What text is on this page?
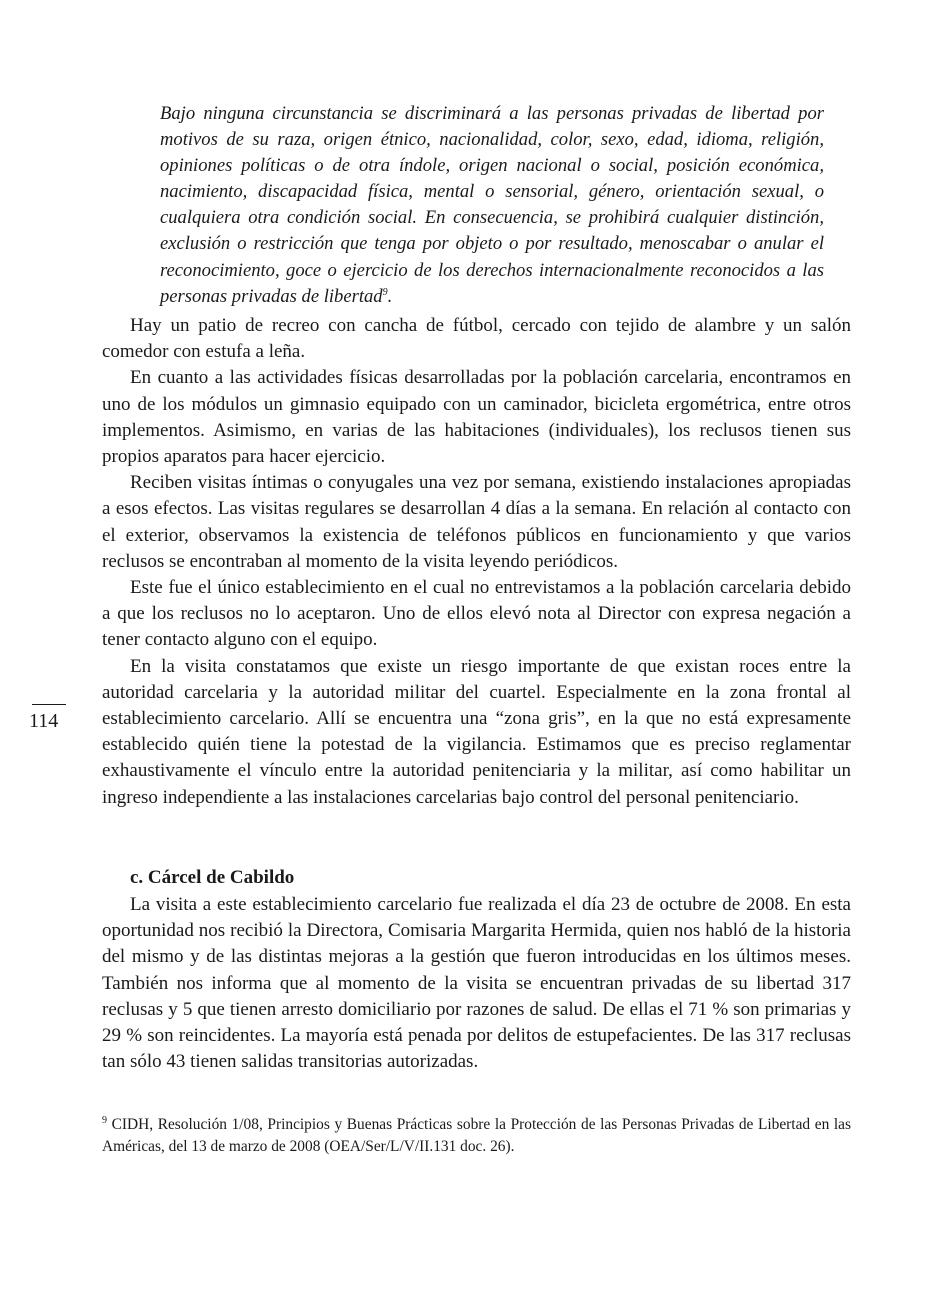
114

Bajo ninguna circunstancia se discriminará a las personas privadas de libertad por motivos de su raza, origen étnico, nacionalidad, color, sexo, edad, idioma, religión, opiniones políticas o de otra índole, origen nacional o social, posición económica, nacimiento, discapacidad física, mental o sensorial, género, orientación sexual, o cualquiera otra condición social. En consecuencia, se prohibirá cualquier distinción, exclusión o restricción que tenga por objeto o por resultado, menoscabar o anular el reconocimiento, goce o ejercicio de los derechos internacionalmente reconocidos a las personas privadas de libertad$^9$.

Hay un patio de recreo con cancha de fútbol, cercado con tejido de alambre y un salón comedor con estufa a leña.

En cuanto a las actividades físicas desarrolladas por la población carcelaria, encontramos en uno de los módulos un gimnasio equipado con un caminador, bicicleta ergométrica, entre otros implementos. Asimismo, en varias de las habitaciones (individuales), los reclusos tienen sus propios aparatos para hacer ejercicio.

Reciben visitas íntimas o conyugales una vez por semana, existiendo instalaciones apropiadas a esos efectos. Las visitas regulares se desarrollan 4 días a la semana. En relación al contacto con el exterior, observamos la existencia de teléfonos públicos en funcionamiento y que varios reclusos se encontraban al momento de la visita leyendo periódicos.

Este fue el único establecimiento en el cual no entrevistamos a la población carcelaria debido a que los reclusos no lo aceptaron. Uno de ellos elevó nota al Director con expresa negación a tener contacto alguno con el equipo.

En la visita constatamos que existe un riesgo importante de que existan roces entre la autoridad carcelaria y la autoridad militar del cuartel. Especialmente en la zona frontal al establecimiento carcelario. Allí se encuentra una “zona gris”, en la que no está expresamente establecido quién tiene la potestad de la vigilancia. Estimamos que es preciso reglamentar exhaustivamente el vínculo entre la autoridad penitenciaria y la militar, así como habilitar un ingreso independiente a las instalaciones carcelarias bajo control del personal penitenciario.

c. Cárcel de Cabildo

La visita a este establecimiento carcelario fue realizada el día 23 de octubre de 2008. En esta oportunidad nos recibió la Directora, Comisaria Margarita Hermida, quien nos habló de la historia del mismo y de las distintas mejoras a la gestión que fueron introducidas en los últimos meses. También nos informa que al momento de la visita se encuentran privadas de su libertad 317 reclusas y 5 que tienen arresto domiciliario por razones de salud. De ellas el 71 % son primarias y 29 % son reincidentes. La mayoría está penada por delitos de estupefacientes. De las 317 reclusas tan sólo 43 tienen salidas transitorias autorizadas.

$^9$ CIDH, Resolución 1/08, Principios y Buenas Prácticas sobre la Protección de las Personas Privadas de Libertad en las Américas, del 13 de marzo de 2008 (OEA/Ser/L/V/II.131 doc. 26).
